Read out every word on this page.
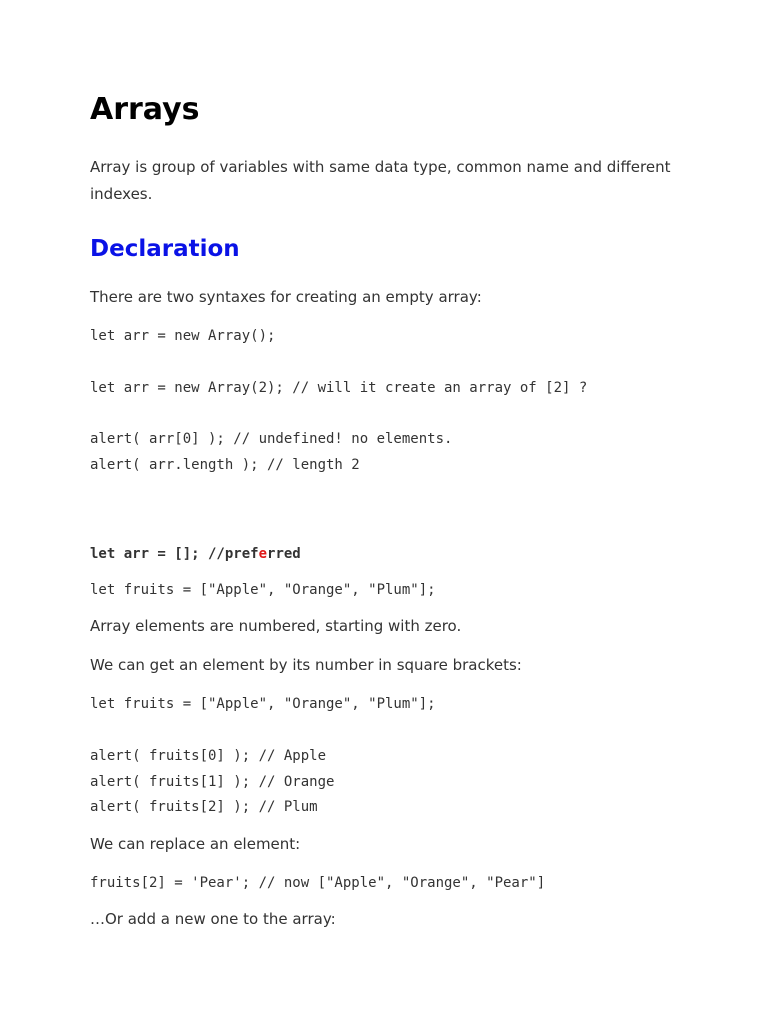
Arrays

Array is group of variables with same data type, common name and different indexes.

Declaration

There are two syntaxes for creating an empty array:

let arr = new Array();
let arr = new Array(2); // will it create an array of [2] ?
alert( arr[0] ); // undefined! no elements.
alert( arr.length ); // length 2
let arr = []; //preferred
let fruits = ["Apple", "Orange", "Plum"];

Array elements are numbered, starting with zero.

We can get an element by its number in square brackets:

let fruits = ["Apple", "Orange", "Plum"];
alert( fruits[0] ); // Apple
alert( fruits[1] ); // Orange
alert( fruits[2] ); // Plum

We can replace an element:

fruits[2] = 'Pear'; // now ["Apple", "Orange", "Pear"]

…Or add a new one to the array:
